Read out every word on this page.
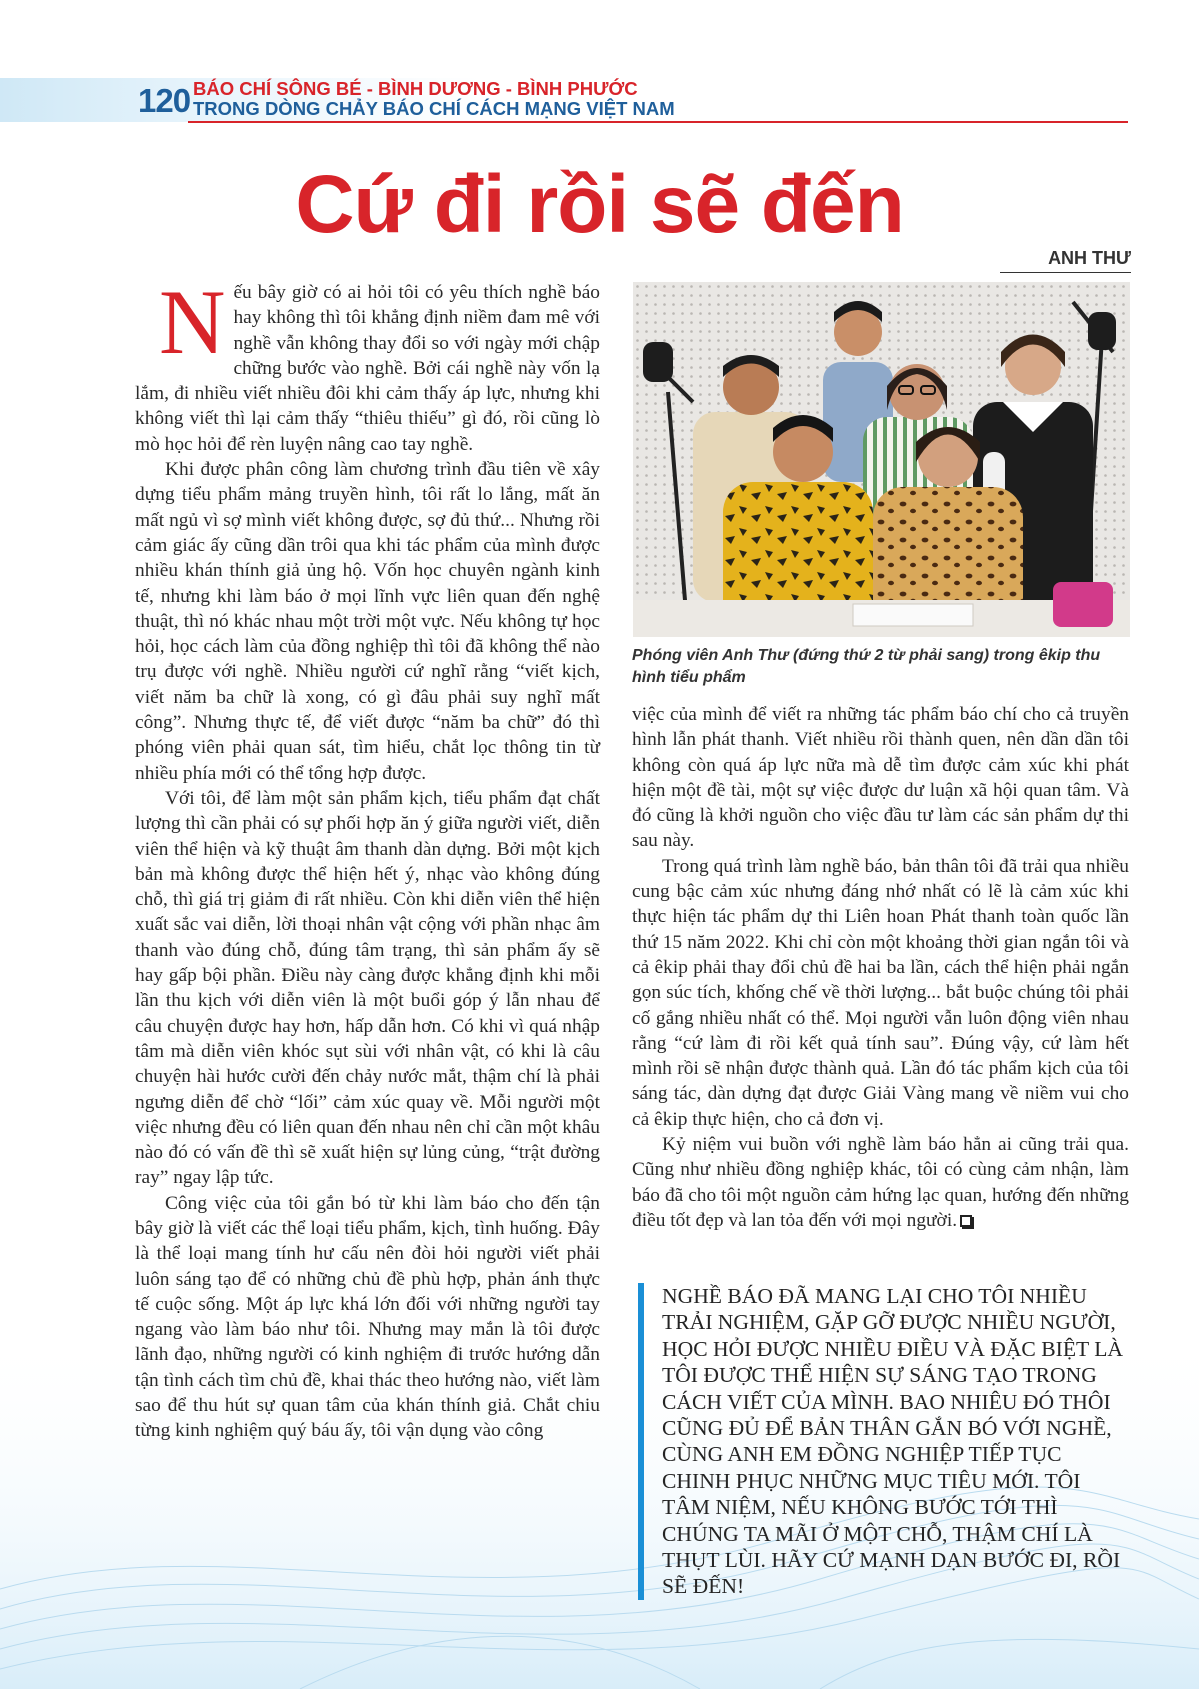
120 BÁO CHÍ SÔNG BÉ - BÌNH DƯƠNG - BÌNH PHƯỚC
TRONG DÒNG CHẢY BÁO CHÍ CÁCH MẠNG VIỆT NAM
Cứ đi rồi sẽ đến
ANH THƯ

Nếu bây giờ có ai hỏi tôi có yêu thích nghề báo hay không thì tôi khẳng định niềm đam mê với nghề vẫn không thay đổi so với ngày mới chập chững bước vào nghề. Bởi cái nghề này vốn lạ lắm, đi nhiều viết nhiều đôi khi cảm thấy áp lực, nhưng khi không viết thì lại cảm thấy “thiêu thiếu” gì đó, rồi cũng lò mò học hỏi để rèn luyện nâng cao tay nghề.

Khi được phân công làm chương trình đầu tiên về xây dựng tiểu phẩm mảng truyền hình, tôi rất lo lắng, mất ăn mất ngủ vì sợ mình viết không được, sợ đủ thứ... Nhưng rồi cảm giác ấy cũng dần trôi qua khi tác phẩm của mình được nhiều khán thính giả ủng hộ. Vốn học chuyên ngành kinh tế, nhưng khi làm báo ở mọi lĩnh vực liên quan đến nghệ thuật, thì nó khác nhau một trời một vực. Nếu không tự học hỏi, học cách làm của đồng nghiệp thì tôi đã không thể nào trụ được với nghề. Nhiều người cứ nghĩ rằng “viết kịch, viết năm ba chữ là xong, có gì đâu phải suy nghĩ mất công”. Nhưng thực tế, để viết được “năm ba chữ” đó thì phóng viên phải quan sát, tìm hiểu, chắt lọc thông tin từ nhiều phía mới có thể tổng hợp được.

Với tôi, để làm một sản phẩm kịch, tiểu phẩm đạt chất lượng thì cần phải có sự phối hợp ăn ý giữa người viết, diễn viên thể hiện và kỹ thuật âm thanh dàn dựng. Bởi một kịch bản mà không được thể hiện hết ý, nhạc vào không đúng chỗ, thì giá trị giảm đi rất nhiều. Còn khi diễn viên thể hiện xuất sắc vai diễn, lời thoại nhân vật cộng với phần nhạc âm thanh vào đúng chỗ, đúng tâm trạng, thì sản phẩm ấy sẽ hay gấp bội phần. Điều này càng được khẳng định khi mỗi lần thu kịch với diễn viên là một buổi góp ý lẫn nhau để câu chuyện được hay hơn, hấp dẫn hơn. Có khi vì quá nhập tâm mà diễn viên khóc sụt sùi với nhân vật, có khi là câu chuyện hài hước cười đến chảy nước mắt, thậm chí là phải ngưng diễn để chờ “lối” cảm xúc quay về. Mỗi người một việc nhưng đều có liên quan đến nhau nên chỉ cần một khâu nào đó có vấn đề thì sẽ xuất hiện sự lủng củng, “trật đường ray” ngay lập tức.

Công việc của tôi gắn bó từ khi làm báo cho đến tận bây giờ là viết các thể loại tiểu phẩm, kịch, tình huống. Đây là thể loại mang tính hư cấu nên đòi hỏi người viết phải luôn sáng tạo để có những chủ đề phù hợp, phản ánh thực tế cuộc sống. Một áp lực khá lớn đối với những người tay ngang vào làm báo như tôi. Nhưng may mắn là tôi được lãnh đạo, những người có kinh nghiệm đi trước hướng dẫn tận tình cách tìm chủ đề, khai thác theo hướng nào, viết làm sao để thu hút sự quan tâm của khán thính giả. Chắt chiu từng kinh nghiệm quý báu ấy, tôi vận dụng vào công

Phóng viên Anh Thư (đứng thứ 2 từ phải sang) trong êkip thu hình tiểu phẩm

việc của mình để viết ra những tác phẩm báo chí cho cả truyền hình lẫn phát thanh. Viết nhiều rồi thành quen, nên dần dần tôi không còn quá áp lực nữa mà dễ tìm được cảm xúc khi phát hiện một đề tài, một sự việc được dư luận xã hội quan tâm. Và đó cũng là khởi nguồn cho việc đầu tư làm các sản phẩm dự thi sau này.

Trong quá trình làm nghề báo, bản thân tôi đã trải qua nhiều cung bậc cảm xúc nhưng đáng nhớ nhất có lẽ là cảm xúc khi thực hiện tác phẩm dự thi Liên hoan Phát thanh toàn quốc lần thứ 15 năm 2022. Khi chỉ còn một khoảng thời gian ngắn tôi và cả êkip phải thay đổi chủ đề hai ba lần, cách thể hiện phải ngắn gọn súc tích, khống chế về thời lượng... bắt buộc chúng tôi phải cố gắng nhiều nhất có thể. Mọi người vẫn luôn động viên nhau rằng “cứ làm đi rồi kết quả tính sau”. Đúng vậy, cứ làm hết mình rồi sẽ nhận được thành quả. Lần đó tác phẩm kịch của tôi sáng tác, dàn dựng đạt được Giải Vàng mang về niềm vui cho cả êkip thực hiện, cho cả đơn vị.

Kỷ niệm vui buồn với nghề làm báo hẳn ai cũng trải qua. Cũng như nhiều đồng nghiệp khác, tôi có cùng cảm nhận, làm báo đã cho tôi một nguồn cảm hứng lạc quan, hướng đến những điều tốt đẹp và lan tỏa đến với mọi người.

NGHỀ BÁO ĐÃ MANG LẠI CHO TÔI NHIỀU TRẢI NGHIỆM, GẶP GỠ ĐƯỢC NHIỀU NGƯỜI, HỌC HỎI ĐƯỢC NHIỀU ĐIỀU VÀ ĐẶC BIỆT LÀ TÔI ĐƯỢC THỂ HIỆN SỰ SÁNG TẠO TRONG CÁCH VIẾT CỦA MÌNH. BAO NHIÊU ĐÓ THÔI CŨNG ĐỦ ĐỂ BẢN THÂN GẮN BÓ VỚI NGHỀ, CÙNG ANH EM ĐỒNG NGHIỆP TIẾP TỤC CHINH PHỤC NHỮNG MỤC TIÊU MỚI. TÔI TÂM NIỆM, NẾU KHÔNG BƯỚC TỚI THÌ CHÚNG TA MÃI Ở MỘT CHỖ, THẬM CHÍ LÀ THỤT LÙI. HÃY CỨ MẠNH DẠN BƯỚC ĐI, RỒI SẼ ĐẾN!
